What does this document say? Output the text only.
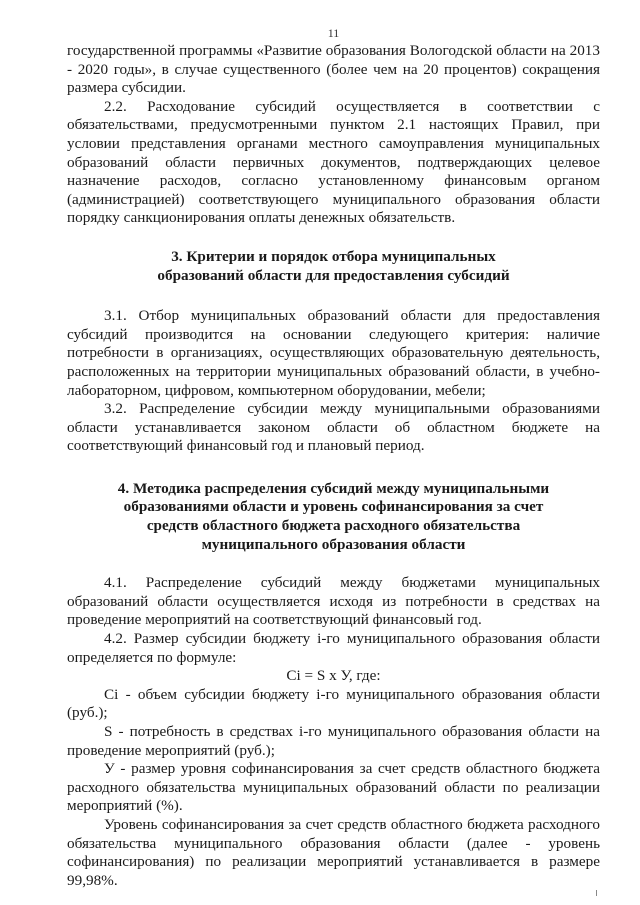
11

государственной программы «Развитие образования Вологодской области на 2013 - 2020 годы», в случае существенного (более чем на 20 процентов) сокращения размера субсидии.

2.2. Расходование субсидий осуществляется в соответствии с обязательствами, предусмотренными пунктом 2.1 настоящих Правил, при условии представления органами местного самоуправления муниципальных образований области первичных документов, подтверждающих целевое назначение расходов, согласно установленному финансовым органом (администрацией) соответствующего муниципального образования области порядку санкционирования оплаты денежных обязательств.

3. Критерии и порядок отбора муниципальных
образований области для предоставления субсидий

3.1. Отбор муниципальных образований области для предоставления субсидий производится на основании следующего критерия: наличие потребности в организациях, осуществляющих образовательную деятельность, расположенных на территории муниципальных образований области, в учебно-лабораторном, цифровом, компьютерном оборудовании, мебели;

3.2. Распределение субсидии между муниципальными образованиями области устанавливается законом области об областном бюджете на соответствующий финансовый год и плановый период.

4. Методика распределения субсидий между муниципальными
образованиями области и уровень софинансирования за счет
средств областного бюджета расходного обязательства
муниципального образования области

4.1. Распределение субсидий между бюджетами муниципальных образований области осуществляется исходя из потребности в средствах на проведение мероприятий на соответствующий финансовый год.

4.2. Размер субсидии бюджету i-го муниципального образования области определяется по формуле:

Ci = S x У, где:

Ci - объем субсидии бюджету i-го муниципального образования области (руб.);

S - потребность в средствах i-го муниципального образования области на проведение мероприятий (руб.);

У - размер уровня софинансирования за счет средств областного бюджета расходного обязательства муниципальных образований области по реализации мероприятий (%).

Уровень софинансирования за счет средств областного бюджета расходного обязательства муниципального образования области (далее - уровень софинансирования) по реализации мероприятий устанавливается в размере 99,98%.
